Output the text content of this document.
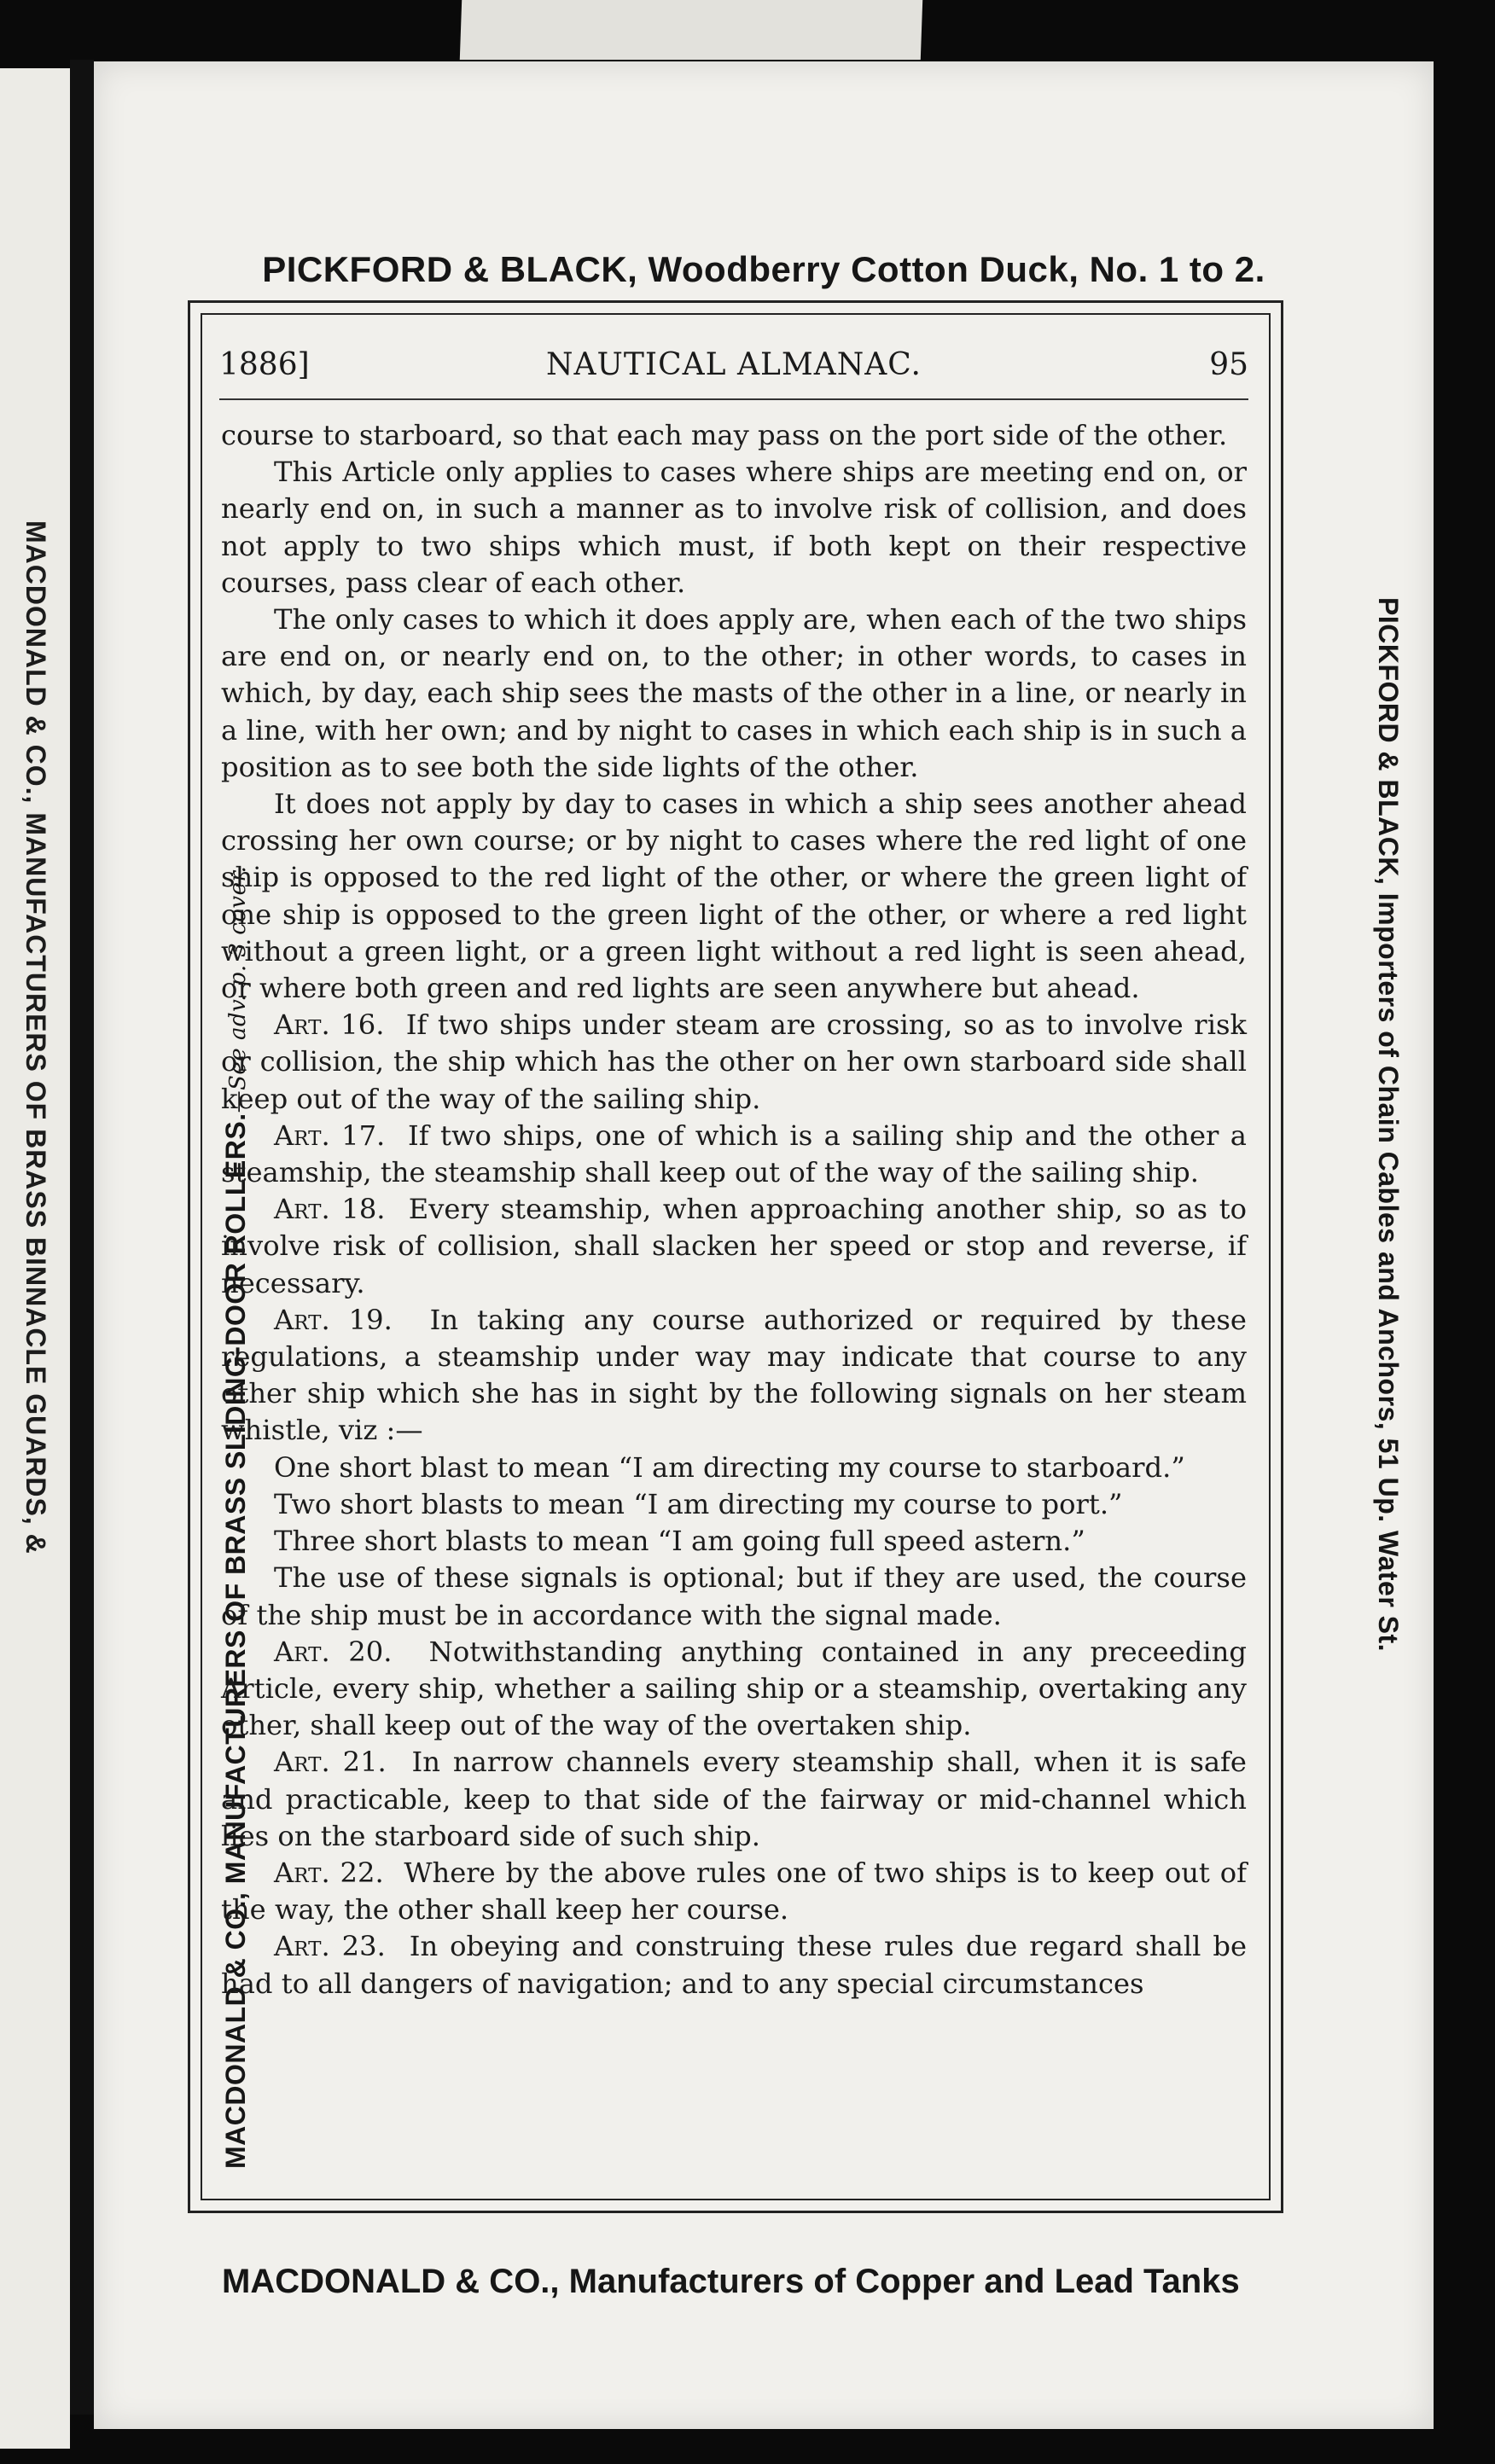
MACDONALD & CO., MANUFACTURERS OF BRASS BINNACLE GUARDS, &
PICKFORD & BLACK, Woodberry Cotton Duck, No. 1 to 2.
MACDONALD & CO., MANUFACTURERS OF BRASS SLIDING-DOOR ROLLERS.—See adv. p. 3 cover.	PICKFORD & BLACK, Importers of Chain Cables and Anchors, 51 Up. Water St.
1886]	NAUTICAL ALMANAC.	95

course to starboard, so that each may pass on the port side of the other.

This Article only applies to cases where ships are meeting end on, or nearly end on, in such a manner as to involve risk of collision, and does not apply to two ships which must, if both kept on their respective courses, pass clear of each other.

The only cases to which it does apply are, when each of the two ships are end on, or nearly end on, to the other; in other words, to cases in which, by day, each ship sees the masts of the other in a line, or nearly in a line, with her own; and by night to cases in which each ship is in such a position as to see both the side lights of the other.

It does not apply by day to cases in which a ship sees another ahead crossing her own course; or by night to cases where the red light of one ship is opposed to the red light of the other, or where the green light of one ship is opposed to the green light of the other, or where a red light without a green light, or a green light without a red light is seen ahead, or where both green and red lights are seen anywhere but ahead.

Art. 16. If two ships under steam are crossing, so as to involve risk or collision, the ship which has the other on her own starboard side shall keep out of the way of the sailing ship.

Art. 17. If two ships, one of which is a sailing ship and the other a steamship, the steamship shall keep out of the way of the sailing ship.

Art. 18. Every steamship, when approaching another ship, so as to involve risk of collision, shall slacken her speed or stop and reverse, if necessary.

Art. 19. In taking any course authorized or required by these regulations, a steamship under way may indicate that course to any other ship which she has in sight by the following signals on her steam whistle, viz :—

One short blast to mean “I am directing my course to starboard.”

Two short blasts to mean “I am directing my course to port.”

Three short blasts to mean “I am going full speed astern.”

The use of these signals is optional; but if they are used, the course of the ship must be in accordance with the signal made.

Art. 20. Notwithstanding anything contained in any preceeding Article, every ship, whether a sailing ship or a steamship, overtaking any other, shall keep out of the way of the overtaken ship.

Art. 21. In narrow channels every steamship shall, when it is safe and practicable, keep to that side of the fairway or mid-channel which lies on the starboard side of such ship.

Art. 22. Where by the above rules one of two ships is to keep out of the way, the other shall keep her course.

Art. 23. In obeying and construing these rules due regard shall be had to all dangers of navigation; and to any special circumstances

MACDONALD & CO., Manufacturers of Copper and Lead Tanks
